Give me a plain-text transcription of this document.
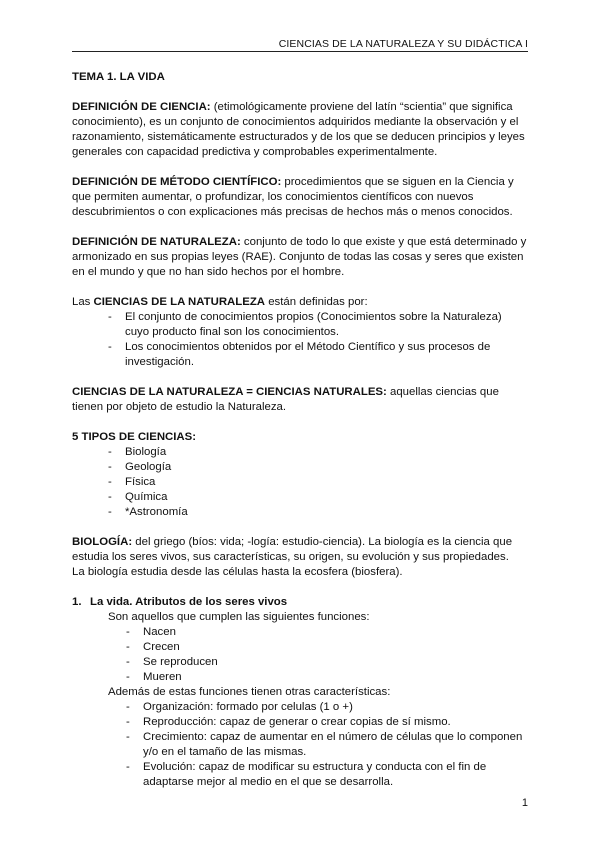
CIENCIAS DE LA NATURALEZA Y SU DIDÁCTICA I

TEMA 1. LA VIDA

DEFINICIÓN DE CIENCIA: (etimológicamente proviene del latín “scientia” que significa conocimiento), es un conjunto de conocimientos adquiridos mediante la observación y el razonamiento, sistemáticamente estructurados y de los que se deducen principios y leyes generales con capacidad predictiva y comprobables experimentalmente.

DEFINICIÓN DE MÉTODO CIENTÍFICO: procedimientos que se siguen en la Ciencia y que permiten aumentar, o profundizar, los conocimientos científicos con nuevos descubrimientos o con explicaciones más precisas de hechos más o menos conocidos.

DEFINICIÓN DE NATURALEZA: conjunto de todo lo que existe y que está determinado y armonizado en sus propias leyes (RAE). Conjunto de todas las cosas y seres que existen en el mundo y que no han sido hechos por el hombre.

Las CIENCIAS DE LA NATURALEZA están definidas por:

- El conjunto de conocimientos propios (Conocimientos sobre la Naturaleza) cuyo producto final son los conocimientos.
- Los conocimientos obtenidos por el Método Científico y sus procesos de investigación.

CIENCIAS DE LA NATURALEZA = CIENCIAS NATURALES: aquellas ciencias que tienen por objeto de estudio la Naturaleza.

5 TIPOS DE CIENCIAS:

- Biología
- Geología
- Física
- Química
- *Astronomía

BIOLOGÍA: del griego (bíos: vida; -logía: estudio-ciencia). La biología es la ciencia que estudia los seres vivos, sus características, su origen, su evolución y sus propiedades.

La biología estudia desde las células hasta la ecosfera (biosfera).

1. La vida. Atributos de los seres vivos

Son aquellos que cumplen las siguientes funciones:

- Nacen
- Crecen
- Se reproducen
- Mueren

Además de estas funciones tienen otras características:

- Organización: formado por celulas (1 o +)
- Reproducción: capaz de generar o crear copias de sí mismo.
- Crecimiento: capaz de aumentar en el número de células que lo componen y/o en el tamaño de las mismas.
- Evolución: capaz de modificar su estructura y conducta con el fin de adaptarse mejor al medio en el que se desarrolla.
1
